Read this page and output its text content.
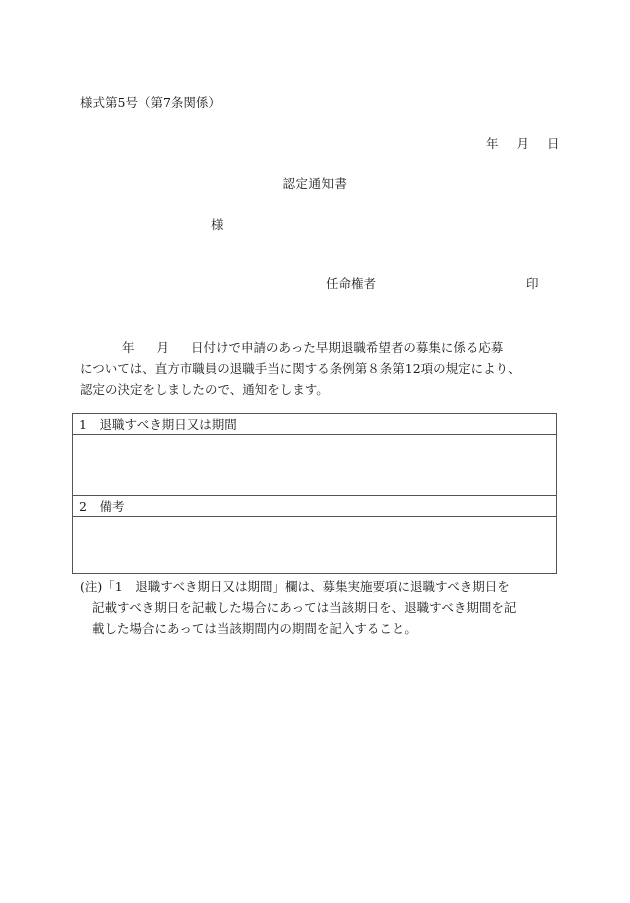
様式第5号（第7条関係）
年 月 日
認定通知書
様
任命権者	印
年 月 日付けで申請のあった早期退職希望者の募集に係る応募
については、直方市職員の退職手当に関する条例第８条第12項の規定により、
認定の決定をしましたので、通知をします。
1　退職すべき期日又は期間

2　備考

(注)「1　退職すべき期日又は期間」欄は、募集実施要項に退職すべき期日を
記載すべき期日を記載した場合にあっては当該期日を、退職すべき期間を記
載した場合にあっては当該期間内の期間を記入すること。
